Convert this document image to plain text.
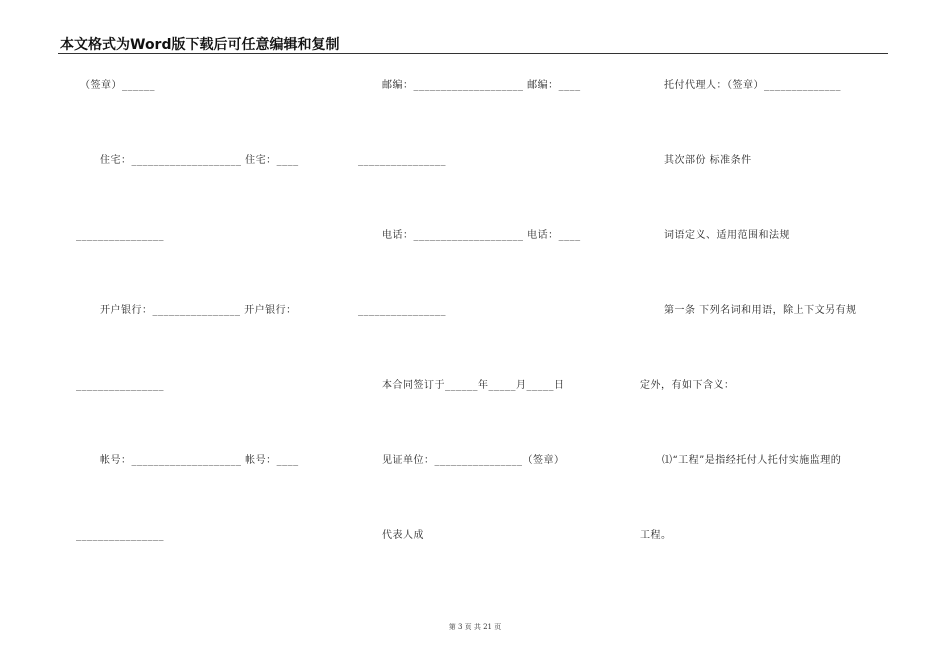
本文格式为Word版下载后可任意编辑和复制
（签章）______
住宅：____________________ 住宅：____
________________
开户银行：________________ 开户银行：
________________
帐号：____________________ 帐号：____
________________
邮编：____________________ 邮编：____
________________
电话：____________________ 电话：____
________________
本合同签订于______年_____月_____日
见证单位：________________（签章）
代表人成
托付代理人：（签章）______________
其次部份 标准条件
词语定义、适用范围和法规
第一条 下列名词和用语，除上下文另有规
定外，有如下含义：
⑴“工程”是指经托付人托付实施监理的
工程。
第 3 页 共 21 页
